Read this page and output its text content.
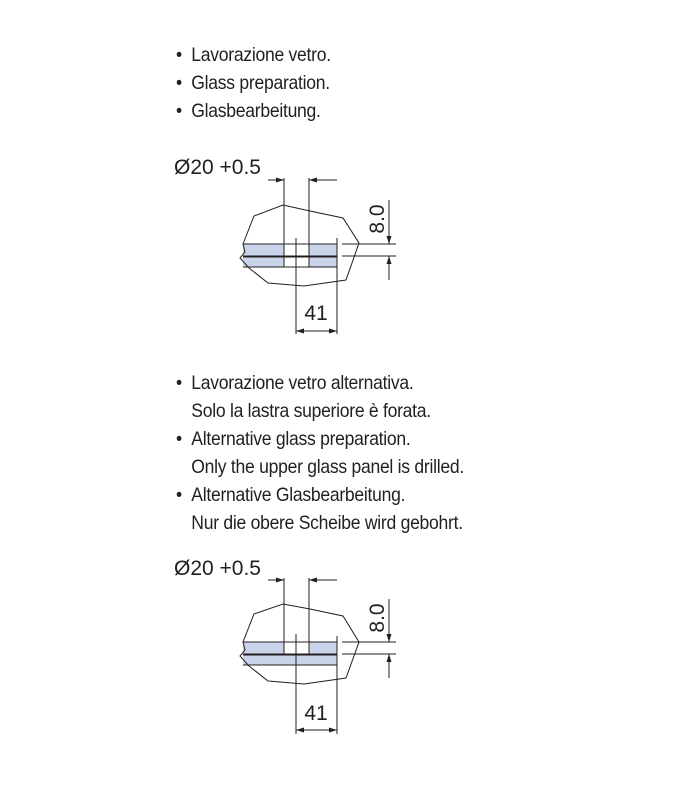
• Lavorazione vetro.
• Glass preparation.
• Glasbearbeitung.
Ø20 +0.5
41
8.0
• Lavorazione vetro alternativa.
Solo la lastra superiore è forata.
• Alternative glass preparation.
Only the upper glass panel is drilled.
• Alternative Glasbearbeitung.
Nur die obere Scheibe wird gebohrt.
Ø20 +0.5
41
8.0
